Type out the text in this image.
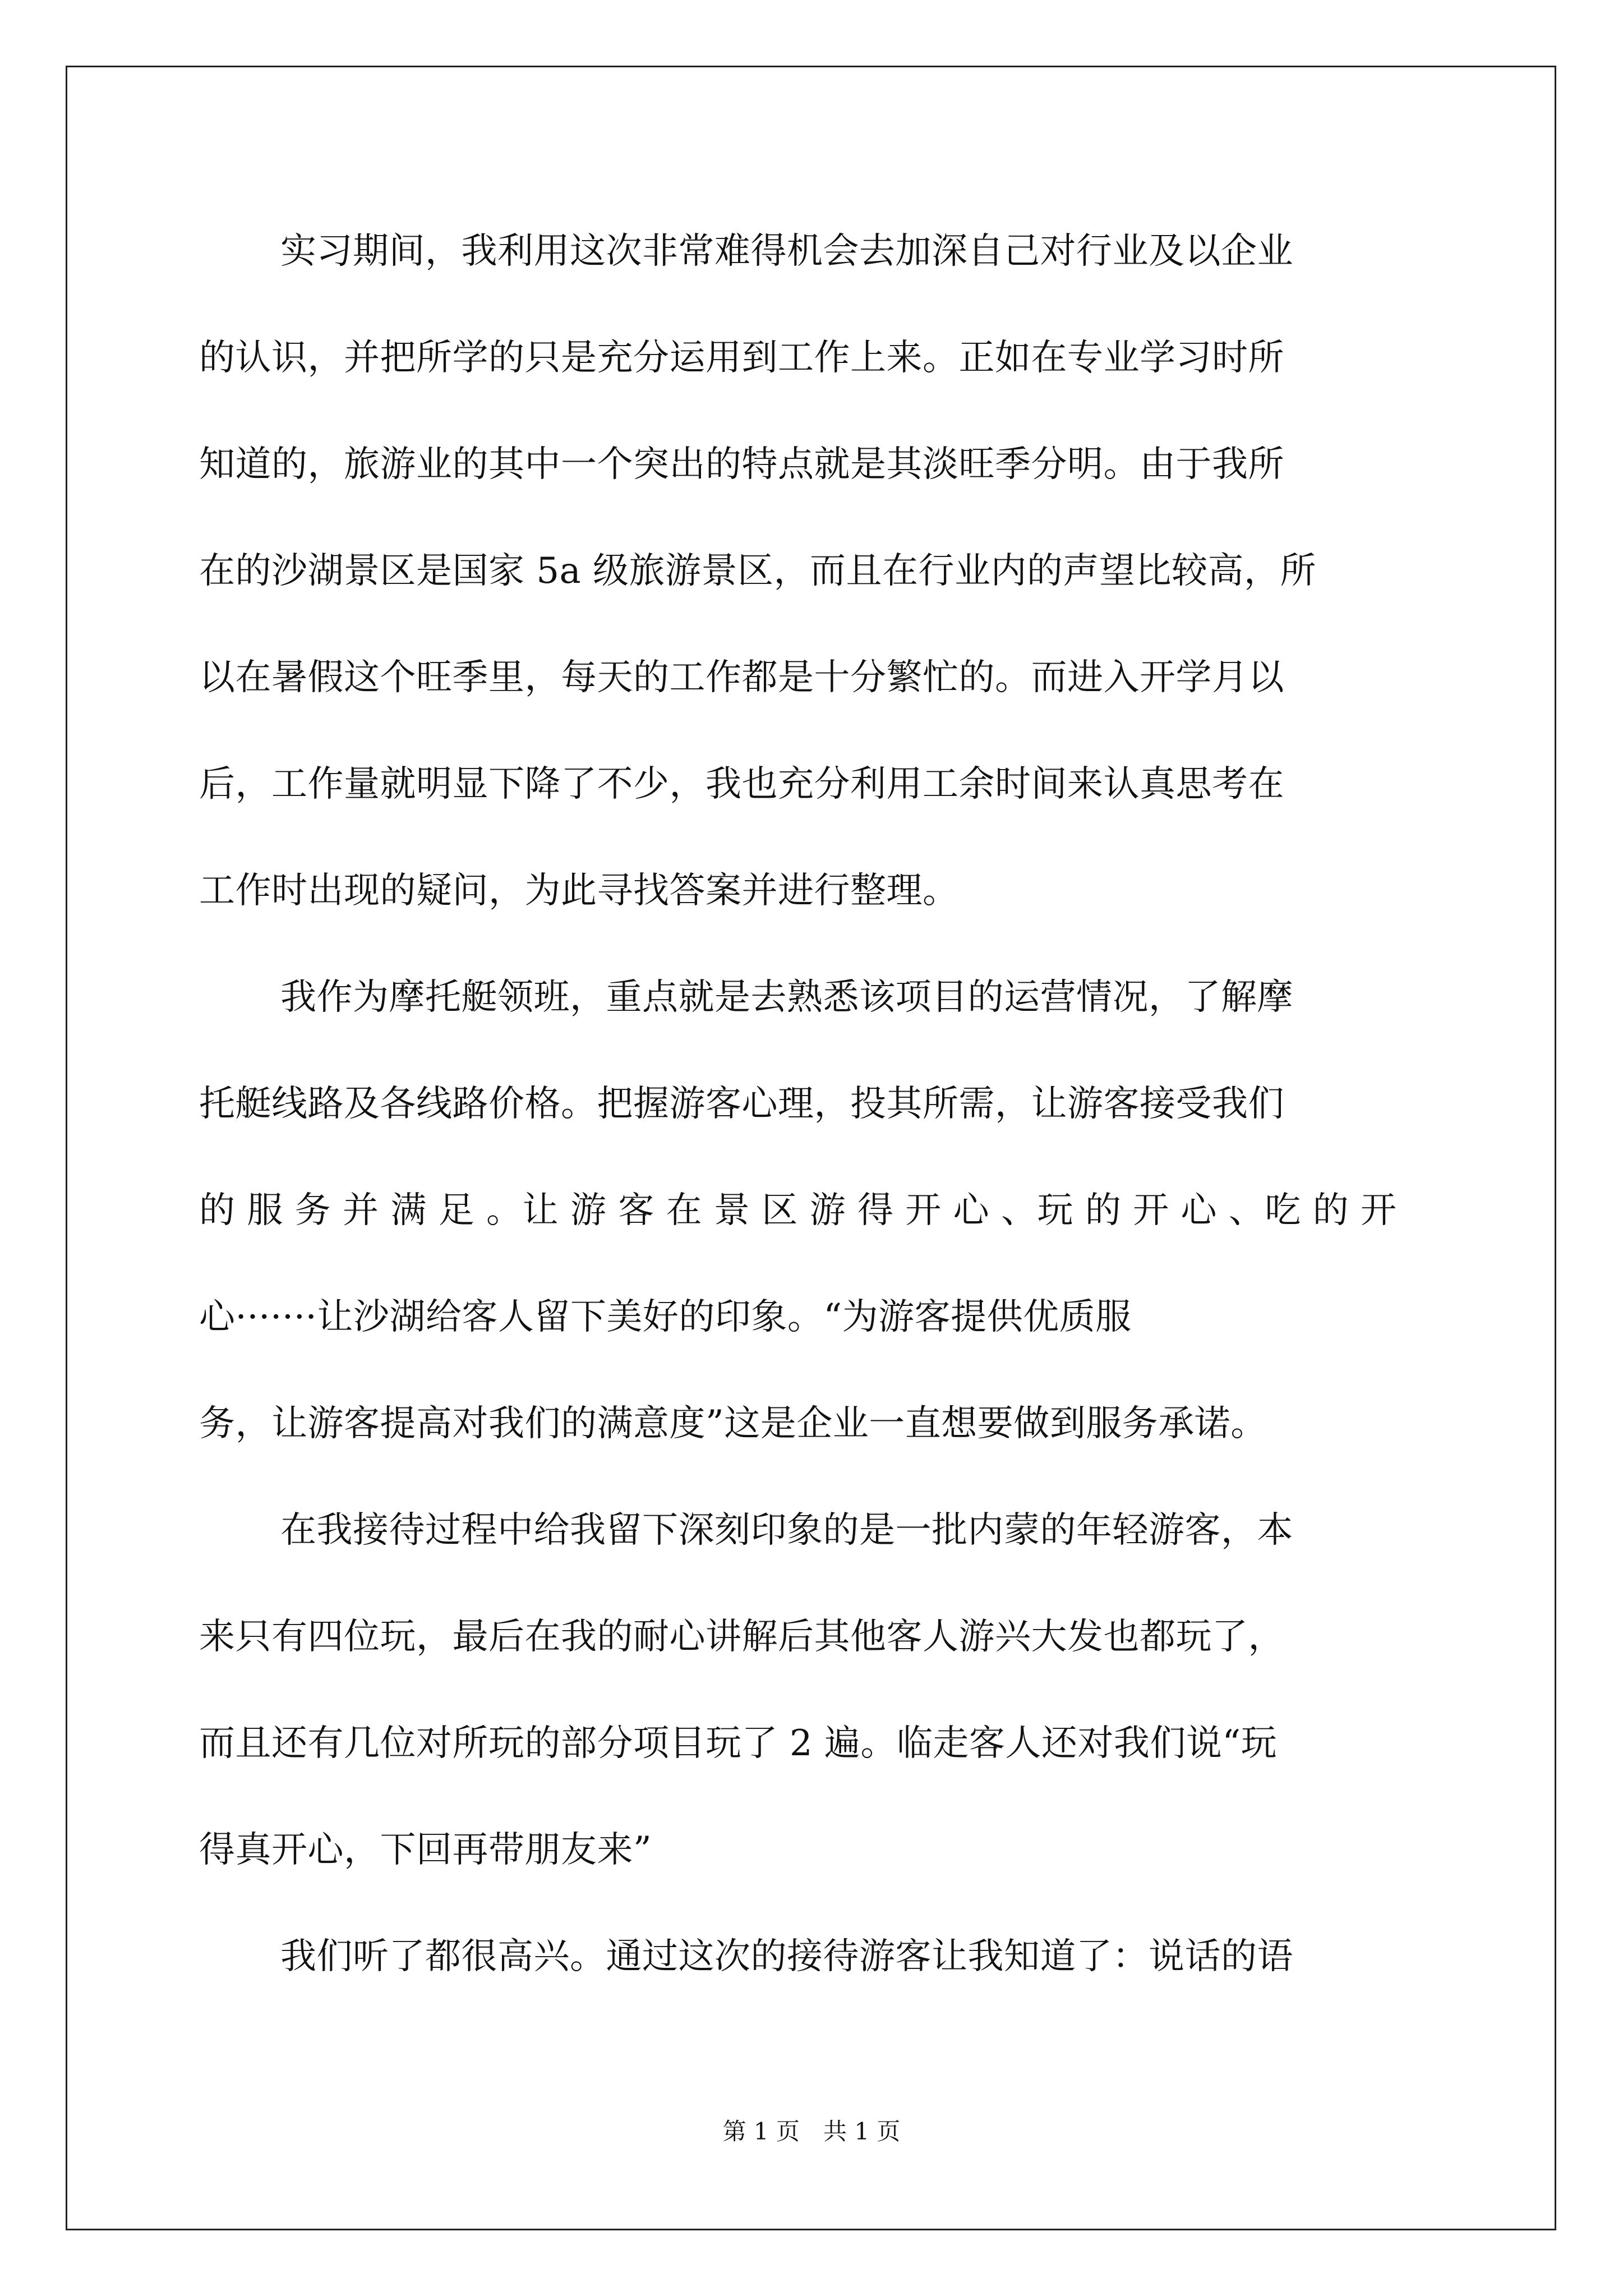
实习期间，我利用这次非常难得机会去加深自己对行业及以企业
的认识，并把所学的只是充分运用到工作上来。正如在专业学习时所
知道的，旅游业的其中一个突出的特点就是其淡旺季分明。由于我所
在的沙湖景区是国家 5a 级旅游景区，而且在行业内的声望比较高，所
以在暑假这个旺季里，每天的工作都是十分繁忙的。而进入开学月以
后，工作量就明显下降了不少，我也充分利用工余时间来认真思考在
工作时出现的疑问，为此寻找答案并进行整理。
我作为摩托艇领班，重点就是去熟悉该项目的运营情况，了解摩
托艇线路及各线路价格。把握游客心理，投其所需，让游客接受我们
的 服 务 并 满 足 。让 游 客 在 景 区 游 得 开 心 、玩 的 开 心 、吃 的 开
心·······让沙湖给客人留下美好的印象。“为游客提供优质服
务，让游客提高对我们的满意度”这是企业一直想要做到服务承诺。
在我接待过程中给我留下深刻印象的是一批内蒙的年轻游客，本
来只有四位玩，最后在我的耐心讲解后其他客人游兴大发也都玩了，
而且还有几位对所玩的部分项目玩了 2 遍。临走客人还对我们说“玩
得真开心，下回再带朋友来”
我们听了都很高兴。通过这次的接待游客让我知道了：说话的语
第 1 页　共 1 页
